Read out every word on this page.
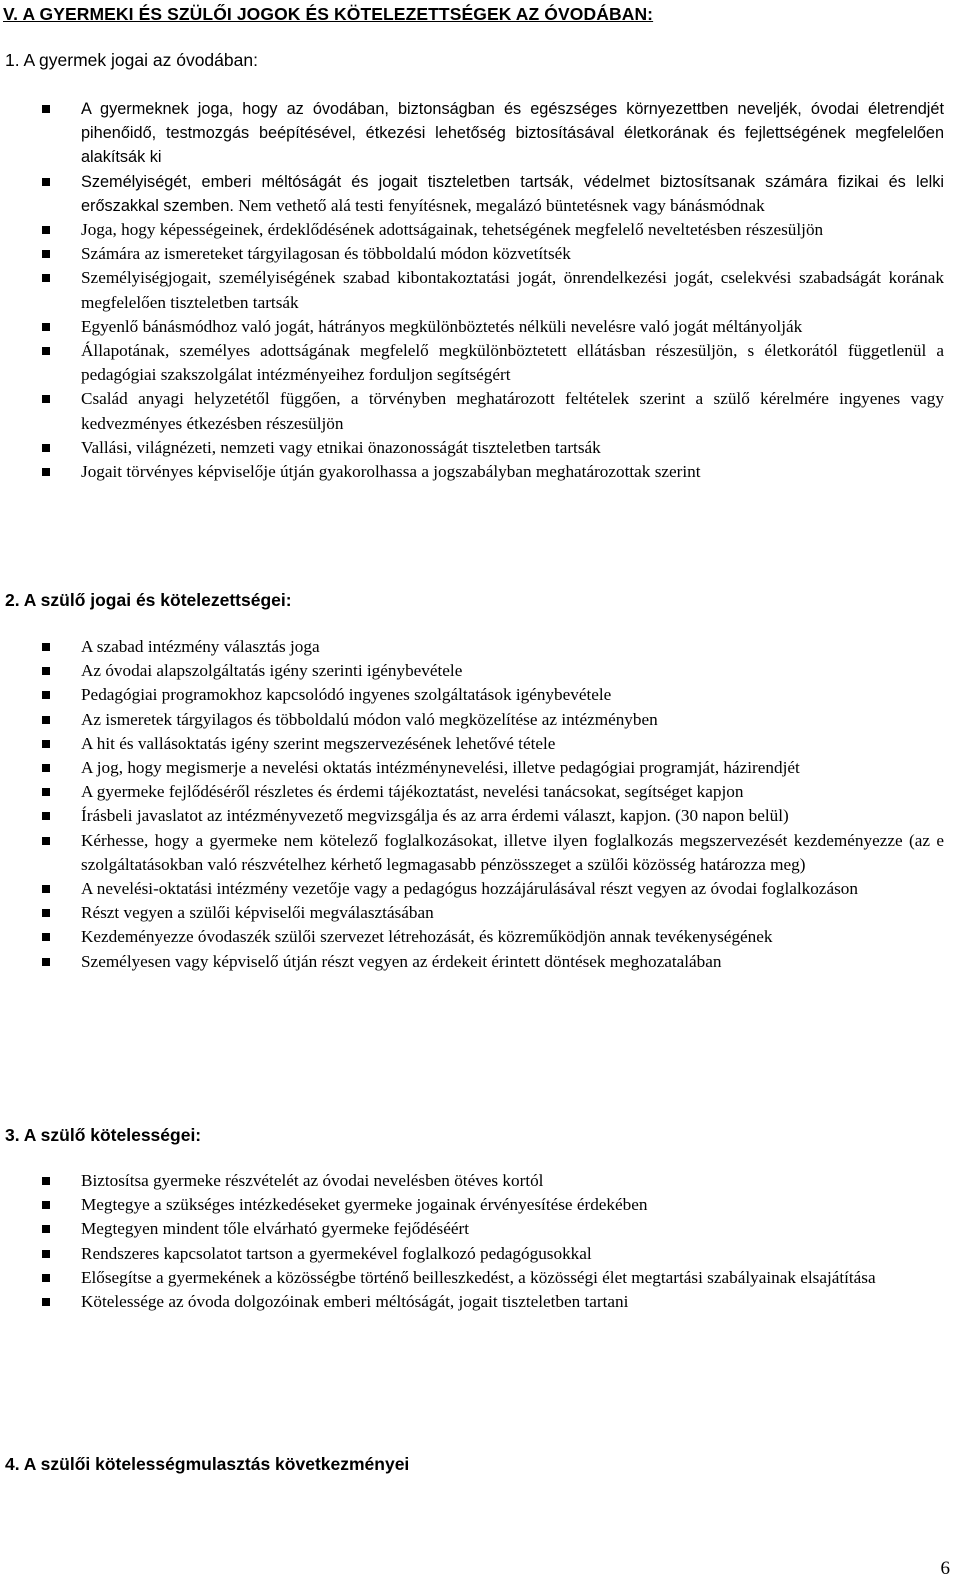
V. A GYERMEKI ÉS SZÜLŐI JOGOK ÉS KÖTELEZETTSÉGEK AZ ÓVODÁBAN:
1. A gyermek jogai az óvodában:
A gyermeknek joga, hogy az óvodában, biztonságban és egészséges környezettben neveljék, óvodai életrendjét pihenőidő, testmozgás beépítésével, étkezési lehetőség biztosításával életkorának és fejlettségének megfelelően alakítsák ki
Személyiségét, emberi méltóságát és jogait tiszteletben tartsák, védelmet biztosítsanak számára fizikai és lelki erőszakkal szemben. Nem vethető alá testi fenyítésnek, megalázó büntetésnek vagy bánásmódnak
Joga, hogy képességeinek, érdeklődésének adottságainak, tehetségének megfelelő neveltetésben részesüljön
Számára az ismereteket tárgyilagosan és többoldalú módon közvetítsék
Személyiségjogait, személyiségének szabad kibontakoztatási jogát, önrendelkezési jogát, cselekvési szabadságát korának megfelelően tiszteletben tartsák
Egyenlő bánásmódhoz való jogát, hátrányos megkülönböztetés nélküli nevelésre való jogát méltányolják
Állapotának, személyes adottságának megfelelő megkülönböztetett ellátásban részesüljön, s életkorától függetlenül a pedagógiai szakszolgálat intézményeihez forduljon segítségért
Család anyagi helyzetétől függően, a törvényben meghatározott feltételek szerint a szülő kérelmére ingyenes vagy kedvezményes étkezésben részesüljön
Vallási, világnézeti, nemzeti vagy etnikai önazonosságát tiszteletben tartsák
Jogait törvényes képviselője útján gyakorolhassa a jogszabályban meghatározottak szerint
2. A szülő jogai és kötelezettségei:
A szabad intézmény választás joga
Az óvodai alapszolgáltatás igény szerinti igénybevétele
Pedagógiai programokhoz kapcsolódó ingyenes szolgáltatások igénybevétele
Az ismeretek tárgyilagos és többoldalú módon való megközelítése az intézményben
A hit és vallásoktatás igény szerint megszervezésének lehetővé tétele
A jog, hogy megismerje a nevelési oktatás intézménynevelési, illetve pedagógiai programját, házirendjét
A gyermeke fejlődéséről részletes és érdemi tájékoztatást, nevelési tanácsokat, segítséget kapjon
Írásbeli javaslatot az intézményvezető megvizsgálja és az arra érdemi választ, kapjon. (30 napon belül)
Kérhesse, hogy a gyermeke nem kötelező foglalkozásokat, illetve ilyen foglalkozás megszervezését kezdeményezze (az e szolgáltatásokban való részvételhez kérhető legmagasabb pénzösszeget a szülői közösség határozza meg)
A nevelési-oktatási intézmény vezetője vagy a pedagógus hozzájárulásával részt vegyen az óvodai foglalkozáson
Részt vegyen a szülői képviselői megválasztásában
Kezdeményezze óvodaszék szülői szervezet létrehozását, és közreműködjön annak tevékenységének
Személyesen vagy képviselő útján részt vegyen az érdekeit érintett döntések meghozatalában
3. A szülő kötelességei:
Biztosítsa gyermeke részvételét az óvodai nevelésben ötéves kortól
Megtegye a szükséges intézkedéseket gyermeke jogainak érvényesítése érdekében
Megtegyen mindent tőle elvárható gyermeke fejődéséért
Rendszeres kapcsolatot tartson a gyermekével foglalkozó pedagógusokkal
Elősegítse a gyermekének a közösségbe történő beilleszkedést, a közösségi élet megtartási szabályainak elsajátítása
Kötelessége az óvoda dolgozóinak emberi méltóságát, jogait tiszteletben tartani
4. A szülői kötelességmulasztás következményei
6
